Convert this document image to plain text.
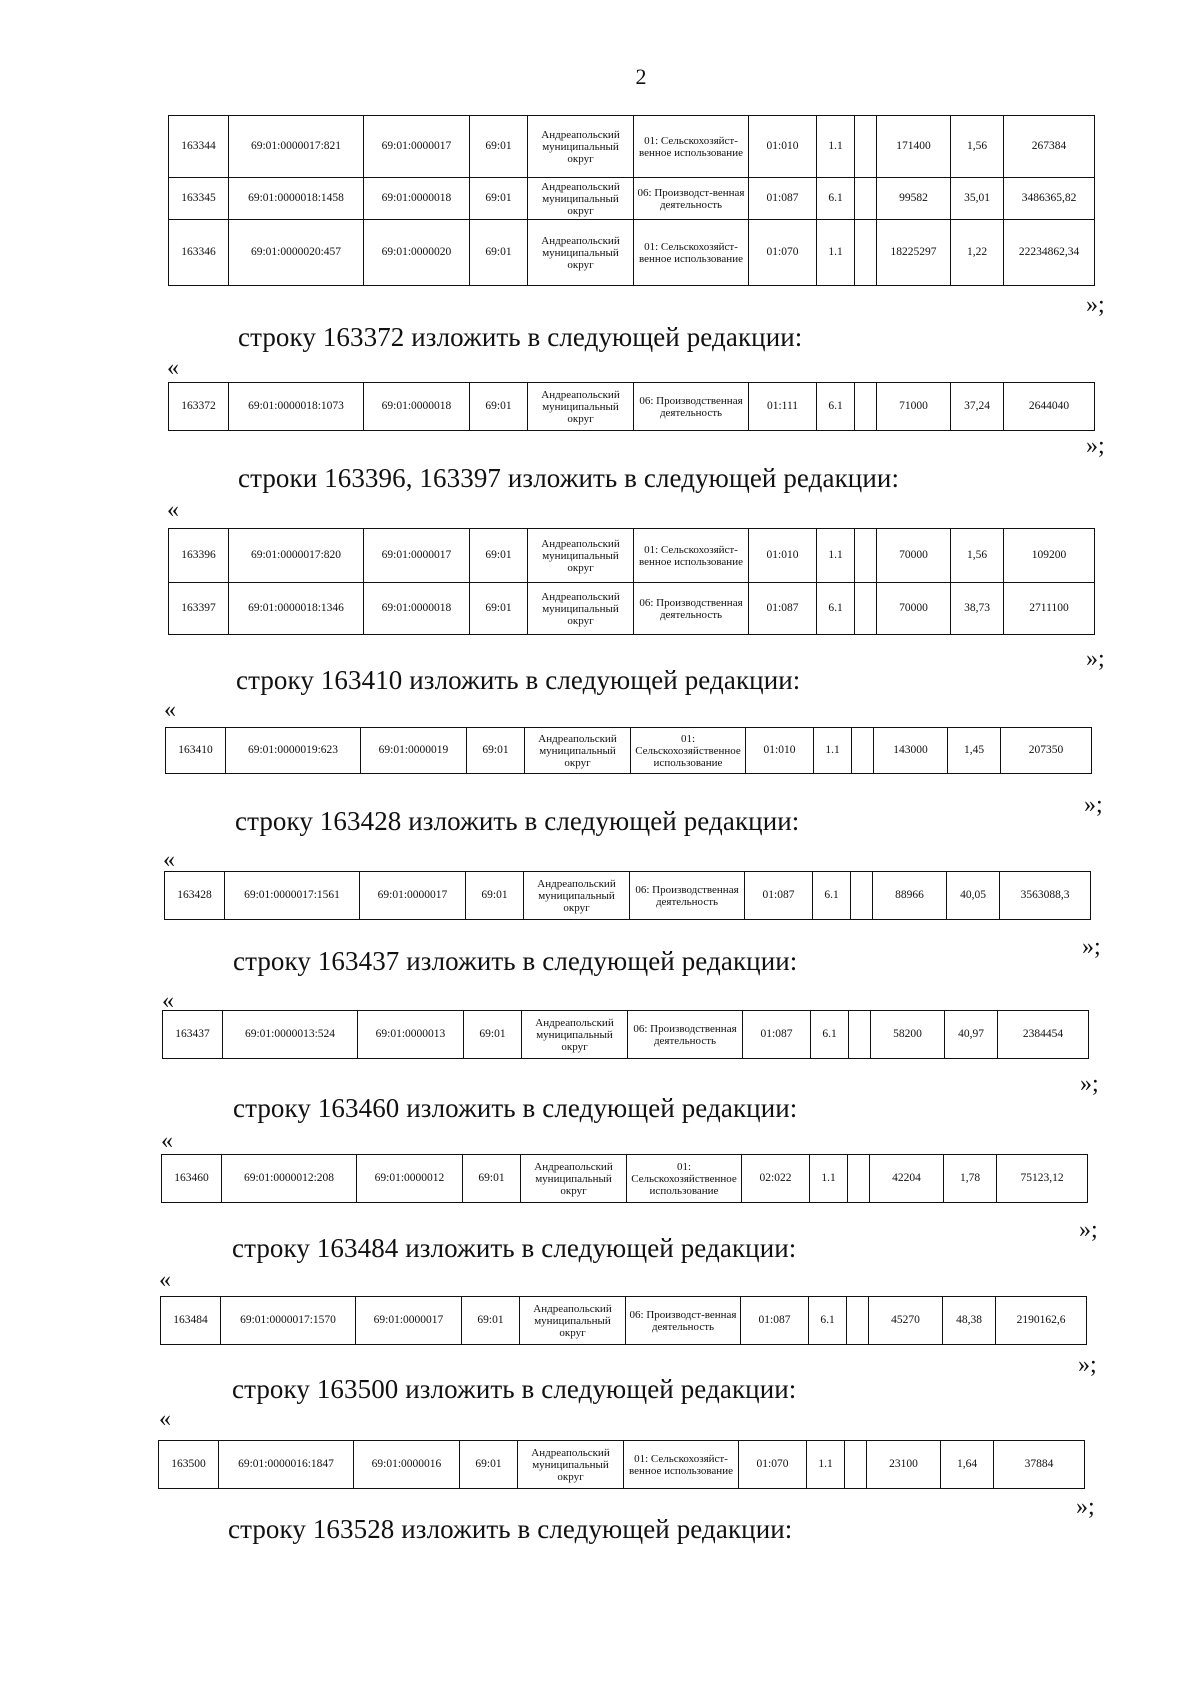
2
163344	69:01:0000017:821	69:01:0000017	69:01	Андреапольский муниципальный округ	01: Сельскохозяйст-венное использование	01:010	1.1		171400	1,56	267384
163345	69:01:0000018:1458	69:01:0000018	69:01	Андреапольский муниципальный округ	06: Производст-венная деятельность	01:087	6.1		99582	35,01	3486365,82
163346	69:01:0000020:457	69:01:0000020	69:01	Андреапольский муниципальный округ	01: Сельскохозяйст-венное использование	01:070	1.1		18225297	1,22	22234862,34
строку 163372 изложить в следующей редакции:
«
163372	69:01:0000018:1073	69:01:0000018	69:01	Андреапольский муниципальный округ	06: Производственная деятельность	01:111	6.1		71000	37,24	2644040
»;
строки 163396, 163397 изложить в следующей редакции:
«
163396	69:01:0000017:820	69:01:0000017	69:01	Андреапольский муниципальный округ	01: Сельскохозяйст-венное использование	01:010	1.1		70000	1,56	109200
163397	69:01:0000018:1346	69:01:0000018	69:01	Андреапольский муниципальный округ	06: Производственная деятельность	01:087	6.1		70000	38,73	2711100
»;
строку 163410 изложить в следующей редакции:
«
163410	69:01:0000019:623	69:01:0000019	69:01	Андреапольский муниципальный округ	01: Сельскохозяйственное использование	01:010	1.1		143000	1,45	207350
»;
строку 163428 изложить в следующей редакции:
«
163428	69:01:0000017:1561	69:01:0000017	69:01	Андреапольский муниципальный округ	06: Производственная деятельность	01:087	6.1		88966	40,05	3563088,3
»;
строку 163437 изложить в следующей редакции:
«
163437	69:01:0000013:524	69:01:0000013	69:01	Андреапольский муниципальный округ	06: Производственная деятельность	01:087	6.1		58200	40,97	2384454
»;
строку 163460 изложить в следующей редакции:
«
163460	69:01:0000012:208	69:01:0000012	69:01	Андреапольский муниципальный округ	01: Сельскохозяйственное использование	02:022	1.1		42204	1,78	75123,12
»;
строку 163484 изложить в следующей редакции:
«
163484	69:01:0000017:1570	69:01:0000017	69:01	Андреапольский муниципальный округ	06: Производст-венная деятельность	01:087	6.1		45270	48,38	2190162,6
»;
строку 163500 изложить в следующей редакции:
«
163500	69:01:0000016:1847	69:01:0000016	69:01	Андреапольский муниципальный округ	01: Сельскохозяйст-венное использование	01:070	1.1		23100	1,64	37884
»;
строку 163528 изложить в следующей редакции:
»;
